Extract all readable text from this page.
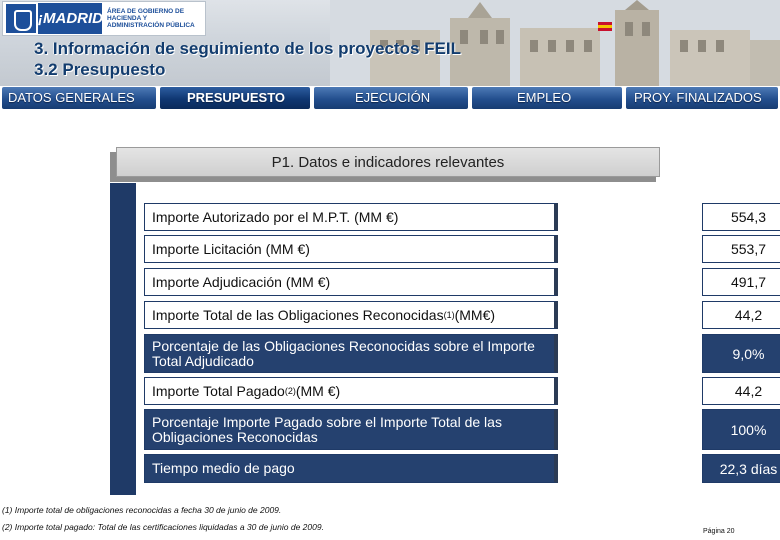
¡MADRID! ÁREA DE GOBIERNO DE HACIENDA Y ADMINISTRACIÓN PÚBLICA
3. Información de seguimiento de los proyectos FEIL
3.2 Presupuesto
DATOS GENERALES	PRESUPUESTO	EJECUCIÓN	EMPLEO	PROY. FINALIZADOS
P1. Datos e indicadores relevantes
Importe Autorizado por el M.P.T. (MM €)	554,3
Importe Licitación (MM €)	553,7
Importe Adjudicación (MM €)	491,7
Importe Total de las Obligaciones Reconocidas (1) (MM€)	44,2
Porcentaje de las Obligaciones Reconocidas sobre el Importe Total Adjudicado	9,0%
Importe Total Pagado (2) (MM €)	44,2
Porcentaje Importe Pagado sobre el Importe Total de las Obligaciones Reconocidas	100%
Tiempo medio de pago	22,3 días
(1) Importe total de obligaciones reconocidas a fecha 30 de junio de 2009.
(2) Importe total pagado: Total de las certificaciones liquidadas a 30 de junio de 2009.	Página 20
